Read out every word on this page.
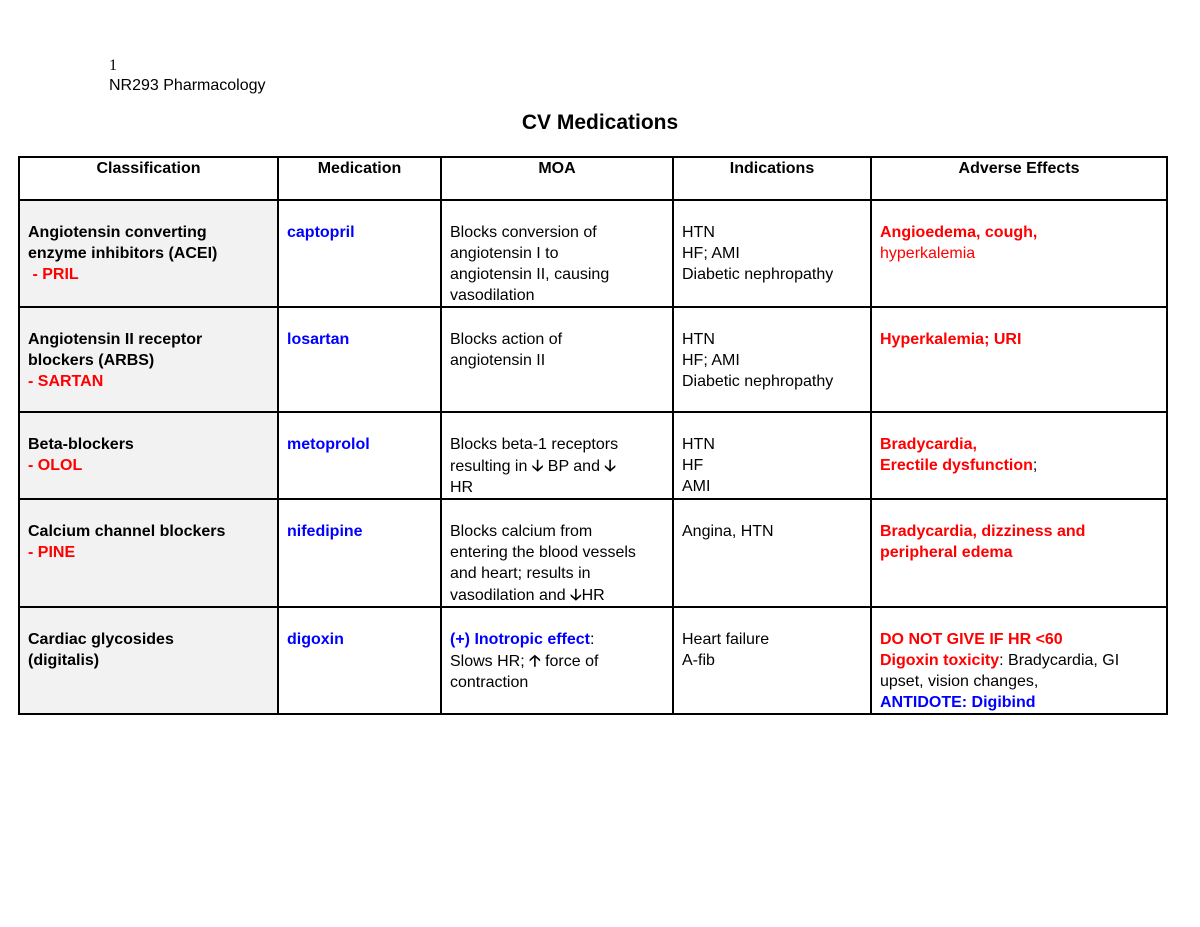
1
NR293 Pharmacology
CV Medications
Classification	Medication	MOA	Indications	Adverse Effects

Angiotensin converting
enzyme inhibitors (ACEI)
- PRIL	captopril	Blocks conversion of
angiotensin I to
angiotensin II, causing
vasodilation	HTN
HF; AMI
Diabetic nephropathy	Angioedema, cough,
hyperkalemia

Angiotensin II receptor
blockers (ARBS)
- SARTAN	losartan	Blocks action of
angiotensin II	HTN
HF; AMI
Diabetic nephropathy	Hyperkalemia; URI

Beta-blockers
- OLOL	metoprolol	Blocks beta-1 receptors
resulting in 🡣 BP and 🡣
HR	HTN
HF
AMI	Bradycardia,
Erectile dysfunction;

Calcium channel blockers
- PINE	nifedipine	Blocks calcium from
entering the blood vessels
and heart; results in
vasodilation and 🡣HR	Angina, HTN	Bradycardia, dizziness and
peripheral edema

Cardiac glycosides
(digitalis)	digoxin	(+) Inotropic effect:
Slows HR; 🡡 force of
contraction	Heart failure
A-fib	DO NOT GIVE IF HR <60
Digoxin toxicity: Bradycardia, GI
upset, vision changes,
ANTIDOTE: Digibind
